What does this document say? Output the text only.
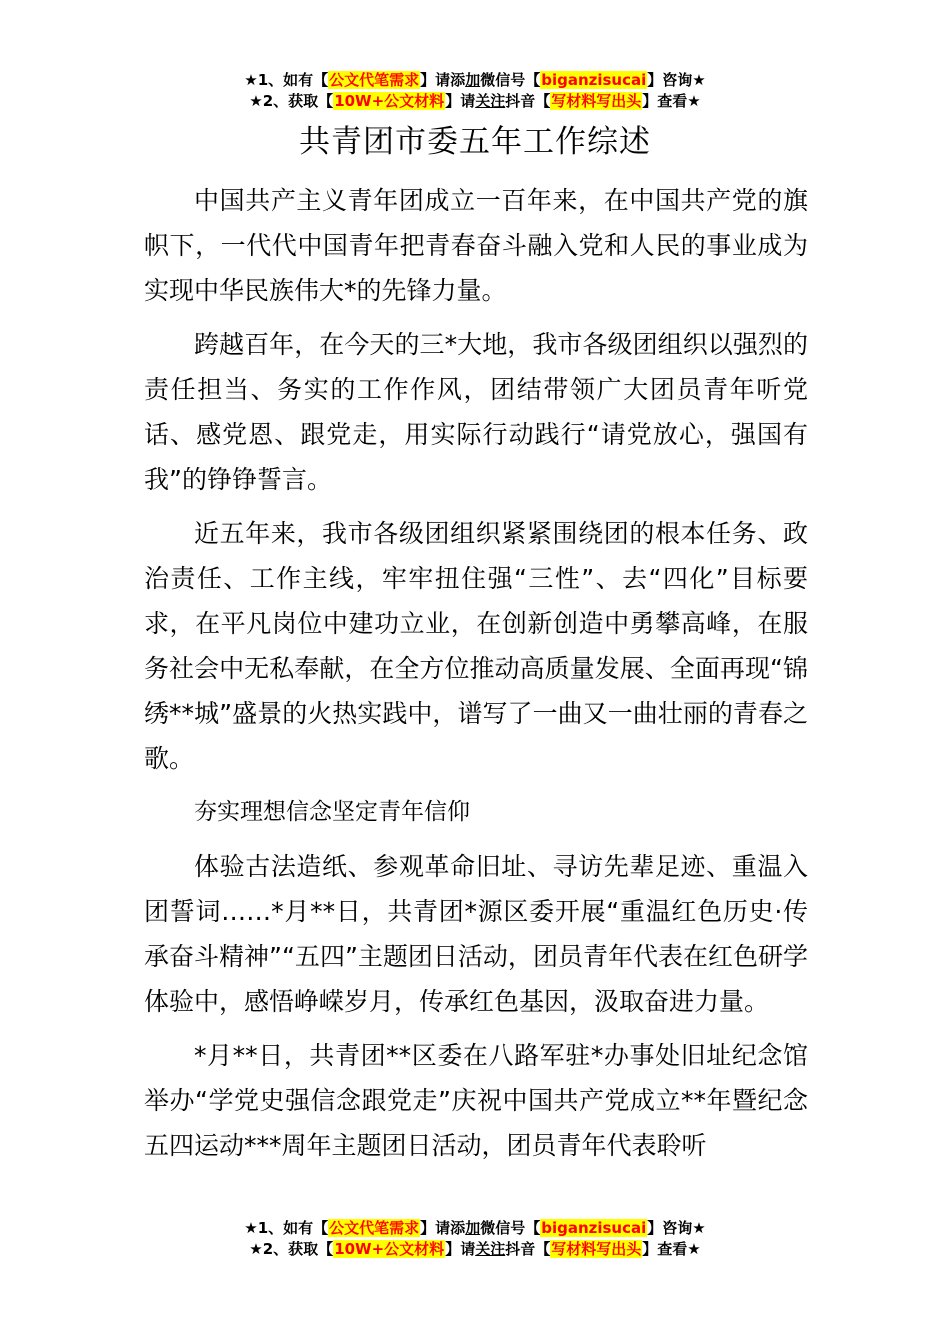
★1、如有【公文代笔需求】请添加微信号【biganzisucai】咨询★
★2、获取【10W+公文材料】请关注抖音【写材料写出头】查看★
共青团市委五年工作综述

中国共产主义青年团成立一百年来，在中国共产党的旗帜下，一代代中国青年把青春奋斗融入党和人民的事业成为实现中华民族伟大*的先锋力量。

跨越百年，在今天的三*大地，我市各级团组织以强烈的责任担当、务实的工作作风，团结带领广大团员青年听党话、感党恩、跟党走，用实际行动践行“请党放心，强国有我”的铮铮誓言。

近五年来，我市各级团组织紧紧围绕团的根本任务、政治责任、工作主线，牢牢扭住强“三性”、去“四化”目标要求，在平凡岗位中建功立业，在创新创造中勇攀高峰，在服务社会中无私奉献，在全方位推动高质量发展、全面再现“锦绣**城”盛景的火热实践中，谱写了一曲又一曲壮丽的青春之歌。

夯实理想信念坚定青年信仰

体验古法造纸、参观革命旧址、寻访先辈足迹、重温入团誓词……*月**日，共青团*源区委开展“重温红色历史·传承奋斗精神”“五四”主题团日活动，团员青年代表在红色研学体验中，感悟峥嵘岁月，传承红色基因，汲取奋进力量。

*月**日，共青团**区委在八路军驻*办事处旧址纪念馆举办“学党史强信念跟党走”庆祝中国共产党成立**年暨纪念五四运动***周年主题团日活动，团员青年代表聆听

★1、如有【公文代笔需求】请添加微信号【biganzisucai】咨询★
★2、获取【10W+公文材料】请关注抖音【写材料写出头】查看★
